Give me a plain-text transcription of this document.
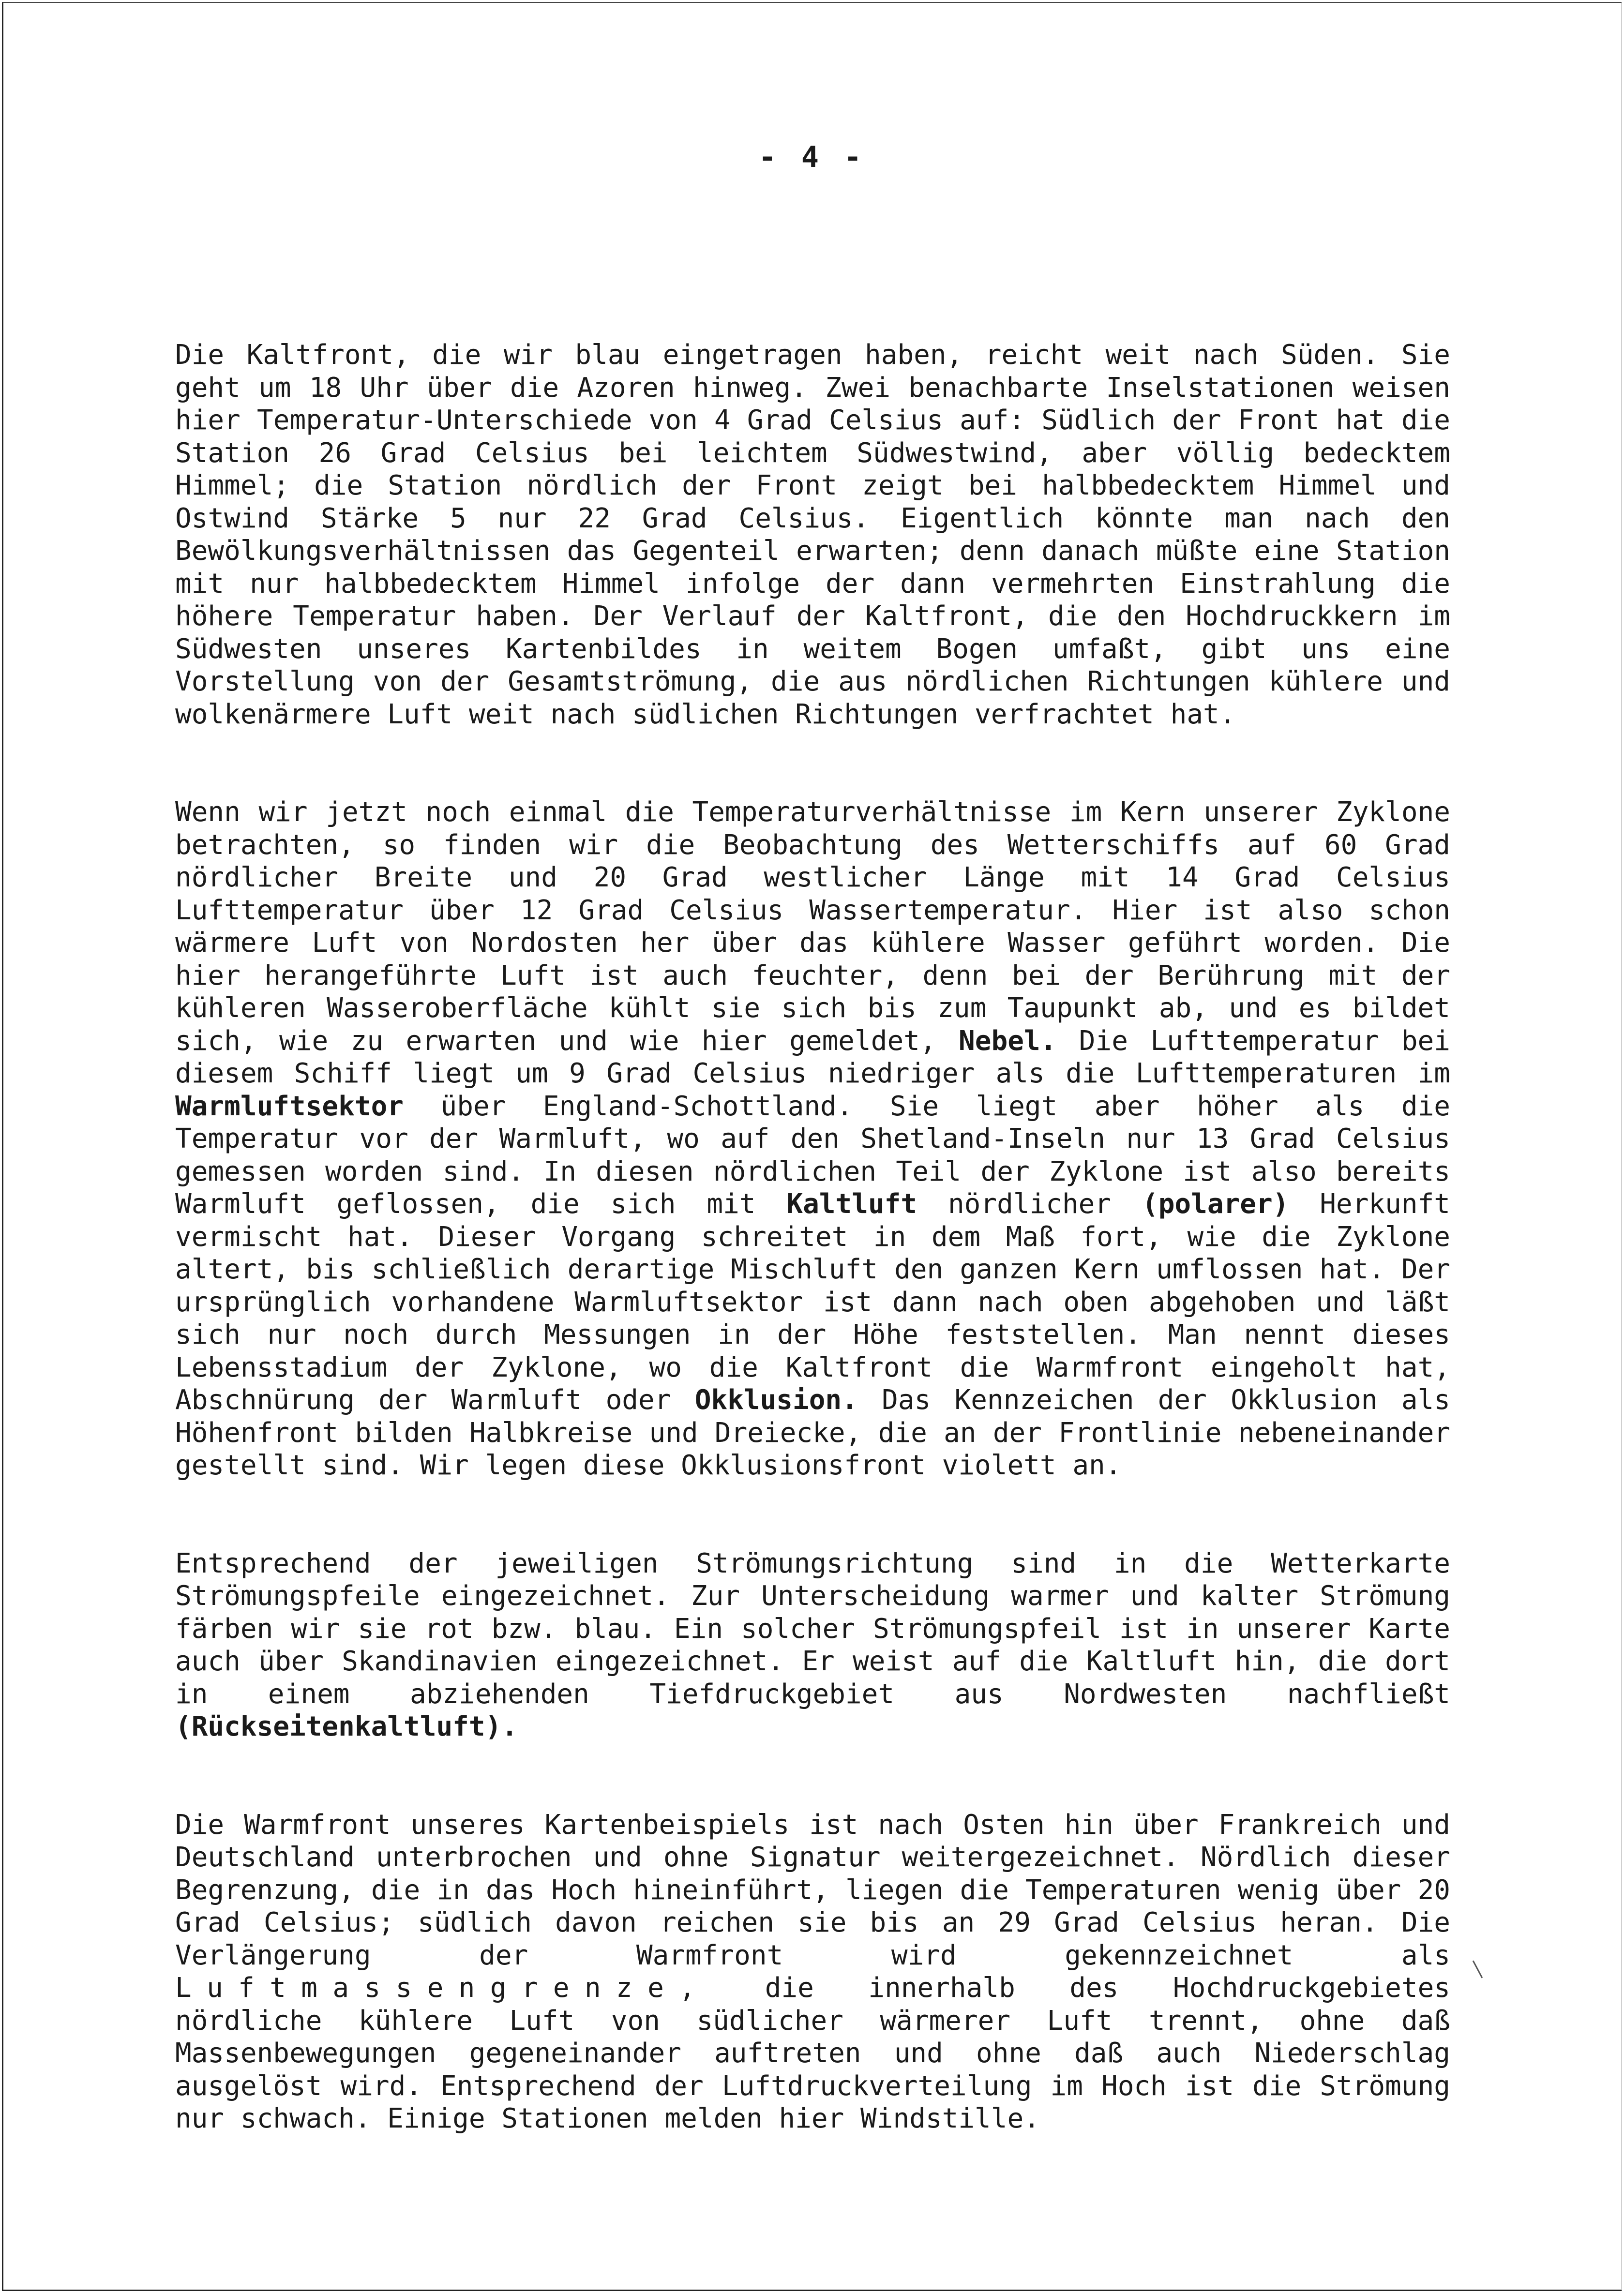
- 4 -

Die Kaltfront, die wir blau eingetragen haben, reicht weit nach Süden. Sie geht um 18 Uhr über die Azoren hinweg. Zwei benachbarte Inselstationen weisen hier Temperatur-Unterschiede von 4 Grad Celsius auf: Südlich der Front hat die Station 26 Grad Celsius bei leichtem Südwestwind, aber völlig bedecktem Himmel; die Station nördlich der Front zeigt bei halbbedecktem Himmel und Ostwind Stärke 5 nur 22 Grad Celsius. Eigentlich könnte man nach den Bewölkungsverhältnissen das Gegenteil erwarten; denn danach müßte eine Station mit nur halbbedecktem Himmel infolge der dann vermehrten Einstrahlung die höhere Temperatur haben. Der Verlauf der Kaltfront, die den Hochdruckkern im Südwesten unseres Kartenbildes in weitem Bogen umfaßt, gibt uns eine Vorstellung von der Gesamtströmung, die aus nördlichen Richtungen kühlere und wolkenärmere Luft weit nach südlichen Richtungen verfrachtet hat.

Wenn wir jetzt noch einmal die Temperaturverhältnisse im Kern unserer Zyklone betrachten, so finden wir die Beobachtung des Wetterschiffs auf 60 Grad nördlicher Breite und 20 Grad westlicher Länge mit 14 Grad Celsius Lufttemperatur über 12 Grad Celsius Wassertemperatur. Hier ist also schon wärmere Luft von Nordosten her über das kühlere Wasser geführt worden. Die hier herangeführte Luft ist auch feuchter, denn bei der Berührung mit der kühleren Wasseroberfläche kühlt sie sich bis zum Taupunkt ab, und es bildet sich, wie zu erwarten und wie hier gemeldet, Nebel. Die Lufttemperatur bei diesem Schiff liegt um 9 Grad Celsius niedriger als die Lufttemperaturen im Warmluftsektor über England-Schottland. Sie liegt aber höher als die Temperatur vor der Warmluft, wo auf den Shetland-Inseln nur 13 Grad Celsius gemessen worden sind. In diesen nördlichen Teil der Zyklone ist also bereits Warmluft geflossen, die sich mit Kaltluft nördlicher (polarer) Herkunft vermischt hat. Dieser Vorgang schreitet in dem Maß fort, wie die Zyklone altert, bis schließlich derartige Mischluft den ganzen Kern umflossen hat. Der ursprünglich vorhandene Warmluftsektor ist dann nach oben abgehoben und läßt sich nur noch durch Messungen in der Höhe feststellen. Man nennt dieses Lebensstadium der Zyklone, wo die Kaltfront die Warmfront eingeholt hat, Abschnürung der Warmluft oder Okklusion. Das Kennzeichen der Okklusion als Höhenfront bilden Halbkreise und Dreiecke, die an der Frontlinie nebeneinander gestellt sind. Wir legen diese Okklusionsfront violett an.

Entsprechend der jeweiligen Strömungsrichtung sind in die Wetterkarte Strömungspfeile eingezeichnet. Zur Unterscheidung warmer und kalter Strömung färben wir sie rot bzw. blau. Ein solcher Strömungspfeil ist in unserer Karte auch über Skandinavien eingezeichnet. Er weist auf die Kaltluft hin, die dort in einem abziehenden Tiefdruckgebiet aus Nordwesten nachfließt (Rückseitenkaltluft).

Die Warmfront unseres Kartenbeispiels ist nach Osten hin über Frankreich und Deutschland unterbrochen und ohne Signatur weitergezeichnet. Nördlich dieser Begrenzung, die in das Hoch hineinführt, liegen die Temperaturen wenig über 20 Grad Celsius; südlich davon reichen sie bis an 29 Grad Celsius heran. Die Verlängerung der Warmfront wird gekennzeichnet als Luftmassengrenze, die innerhalb des Hochdruckgebietes nördliche kühlere Luft von südlicher wärmerer Luft trennt, ohne daß Massenbewegungen gegeneinander auftreten und ohne daß auch Niederschlag ausgelöst wird. Entsprechend der Luftdruckverteilung im Hoch ist die Strömung nur schwach. Einige Stationen melden hier Windstille.
